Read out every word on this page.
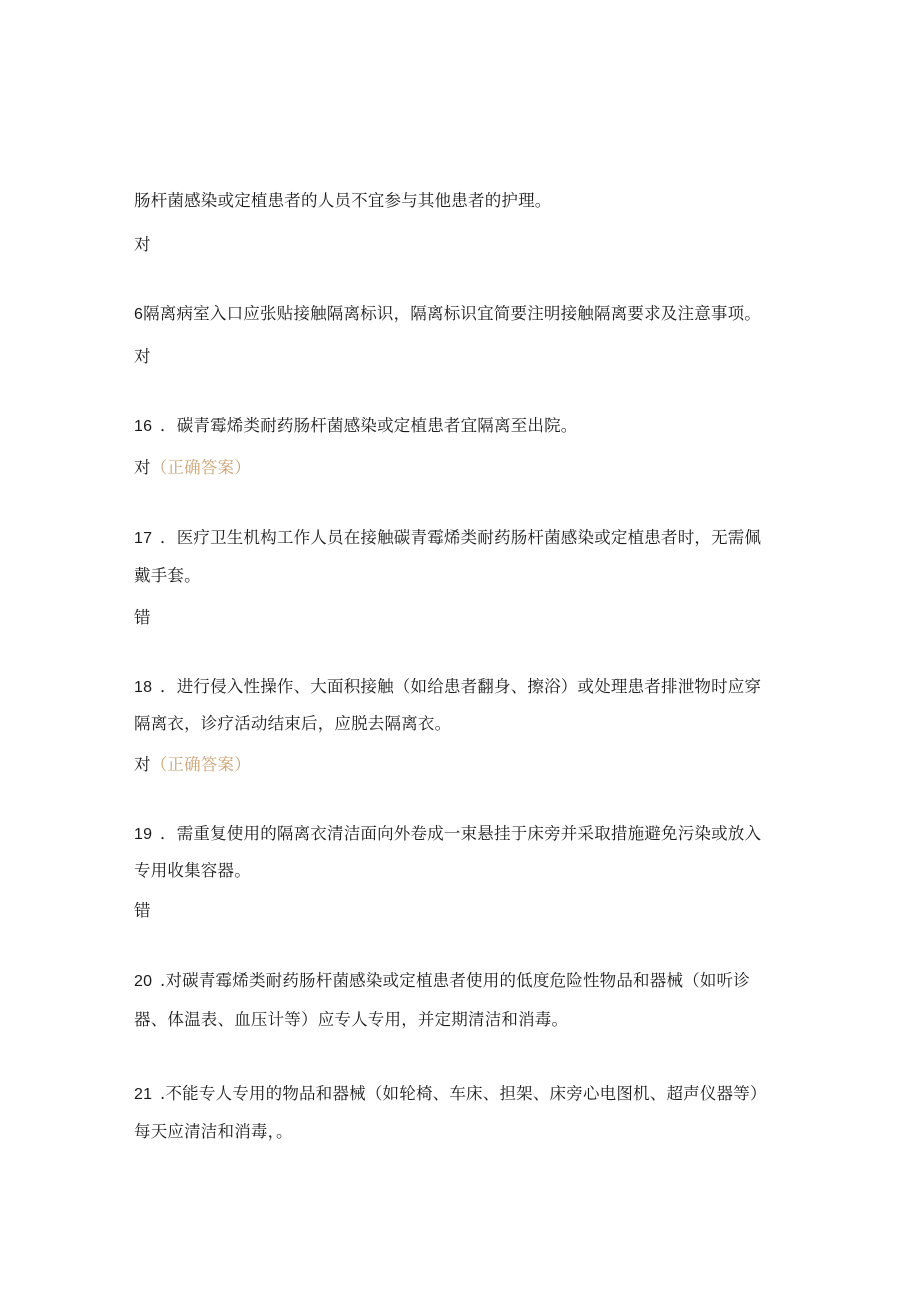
肠杆菌感染或定植患者的人员不宜参与其他患者的护理。
对
6隔离病室入口应张贴接触隔离标识，隔离标识宜简要注明接触隔离要求及注意事项。
对
16 ．碳青霉烯类耐药肠杆菌感染或定植患者宜隔离至出院。
对（正确答案）
17 ．医疗卫生机构工作人员在接触碳青霉烯类耐药肠杆菌感染或定植患者时，无需佩
戴手套。
错
18 ．进行侵入性操作、大面积接触（如给患者翻身、擦浴）或处理患者排泄物时应穿
隔离衣，诊疗活动结束后，应脱去隔离衣。
对（正确答案）
19 ．需重复使用的隔离衣清洁面向外卷成一束悬挂于床旁并采取措施避免污染或放入
专用收集容器。
错
20 .对碳青霉烯类耐药肠杆菌感染或定植患者使用的低度危险性物品和器械（如听诊
器、体温表、血压计等）应专人专用，并定期清洁和消毒。
21 .不能专人专用的物品和器械（如轮椅、车床、担架、床旁心电图机、超声仪器等）
每天应清洁和消毒，。
